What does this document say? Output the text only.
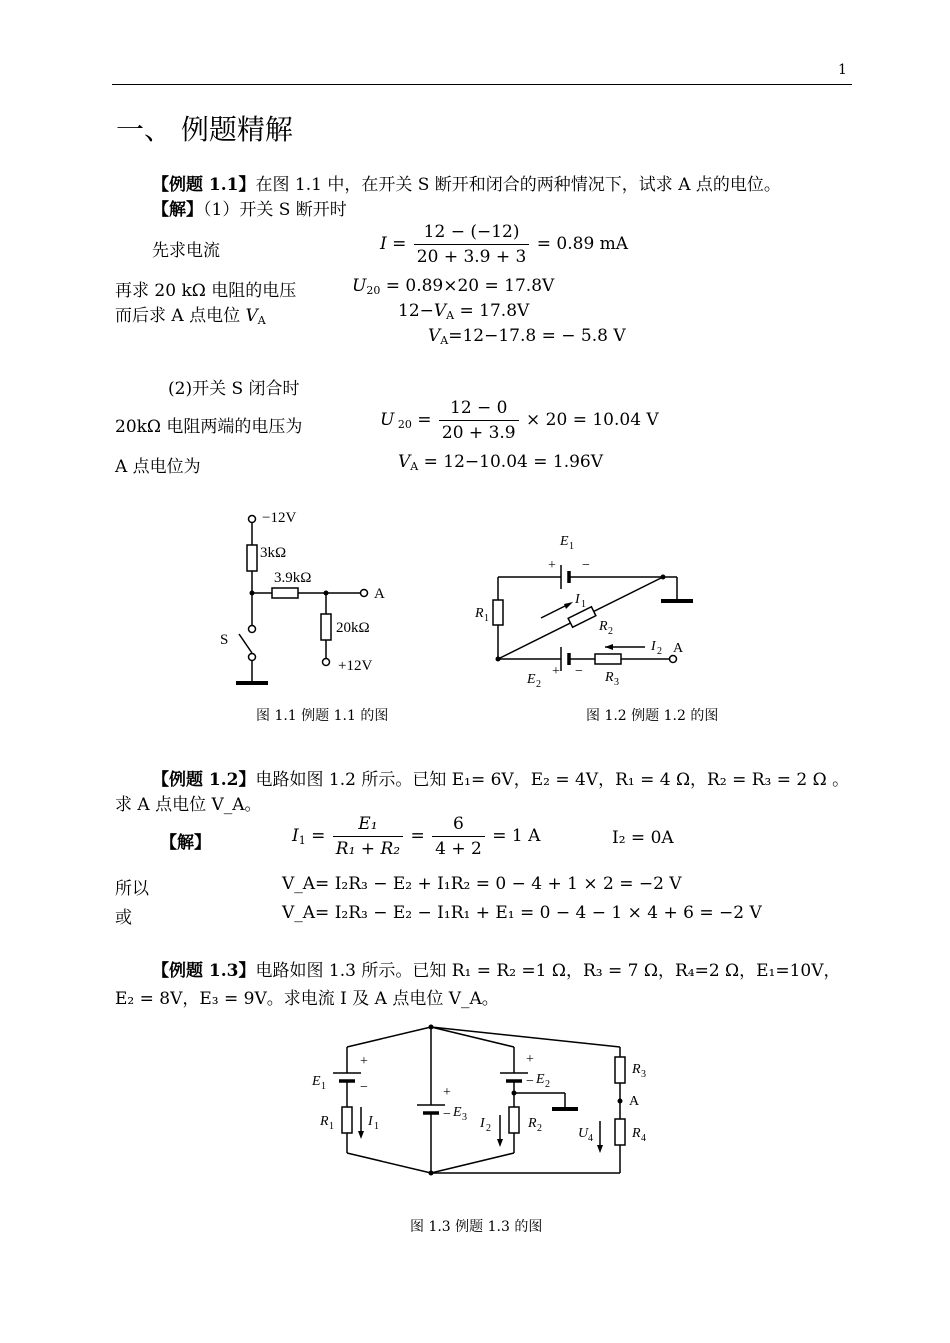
1
一、 例题精解
【例题 1.1】在图 1.1 中，在开关 S 断开和闭合的两种情况下，试求 A 点的电位。
【解】（1）开关 S 断开时
先求电流	$I = \frac{12 - (-12)}{20 + 3.9 + 3} = 0.89$ mA
再求 20 kΩ 电阻的电压	$U_{20} = 0.89\times 20 = 17.8V$
而后求 A 点电位 $V_A$	$12-V_A = 17.8V$
$V_A=12-17.8$ = − 5.8 V
(2)开关 S 闭合时
20kΩ 电阻两端的电压为	U $_{20} = \frac{12 - 0}{20 + 3.9} \times 20 = 10.04$ V
A 点电位为	$V_A = 12-10.04 = 1.96V$
−12V
3kΩ
3.9kΩ
A
20kΩ
S
+12V
图 1.1 例题 1.1 的图
E 1
+ −
R 1
I 1
R 2
I 2 A
+ −
E 2	R 3
图 1.2 例题 1.2 的图
【例题 1.2】电路如图 1.2 所示。已知 E₁= 6V，E₂ = 4V，R₁ = 4 Ω，R₂ = R₃ = 2 Ω 。
求 A 点电位 V_A。
【解】	$I_1 = \frac{\text{E₁}}{\text{R₁ + R₂}} = \frac{6}{4 + 2} = 1$ A	I₂ = 0A
所以	V_A= I₂R₃ − E₂ + I₁R₂ = 0 − 4 + 1 × 2 = −2 V
或	V_A= I₂R₃ − E₂ − I₁R₁ + E₁ = 0 − 4 − 1 × 4 + 6 = −2 V
【例题 1.3】电路如图 1.3 所示。已知 R₁ = R₂ =1 Ω，R₃ = 7 Ω，R₄=2 Ω，E₁=10V，
E₂ = 8V，E₃ = 9V。求电流 I 及 A 点电位 V_A。
+
−
E 1
R 1 I 1
+
− E 3
+
− E 2
I 2	R 2
R 3
A
U 4	R 4
图 1.3 例题 1.3 的图
